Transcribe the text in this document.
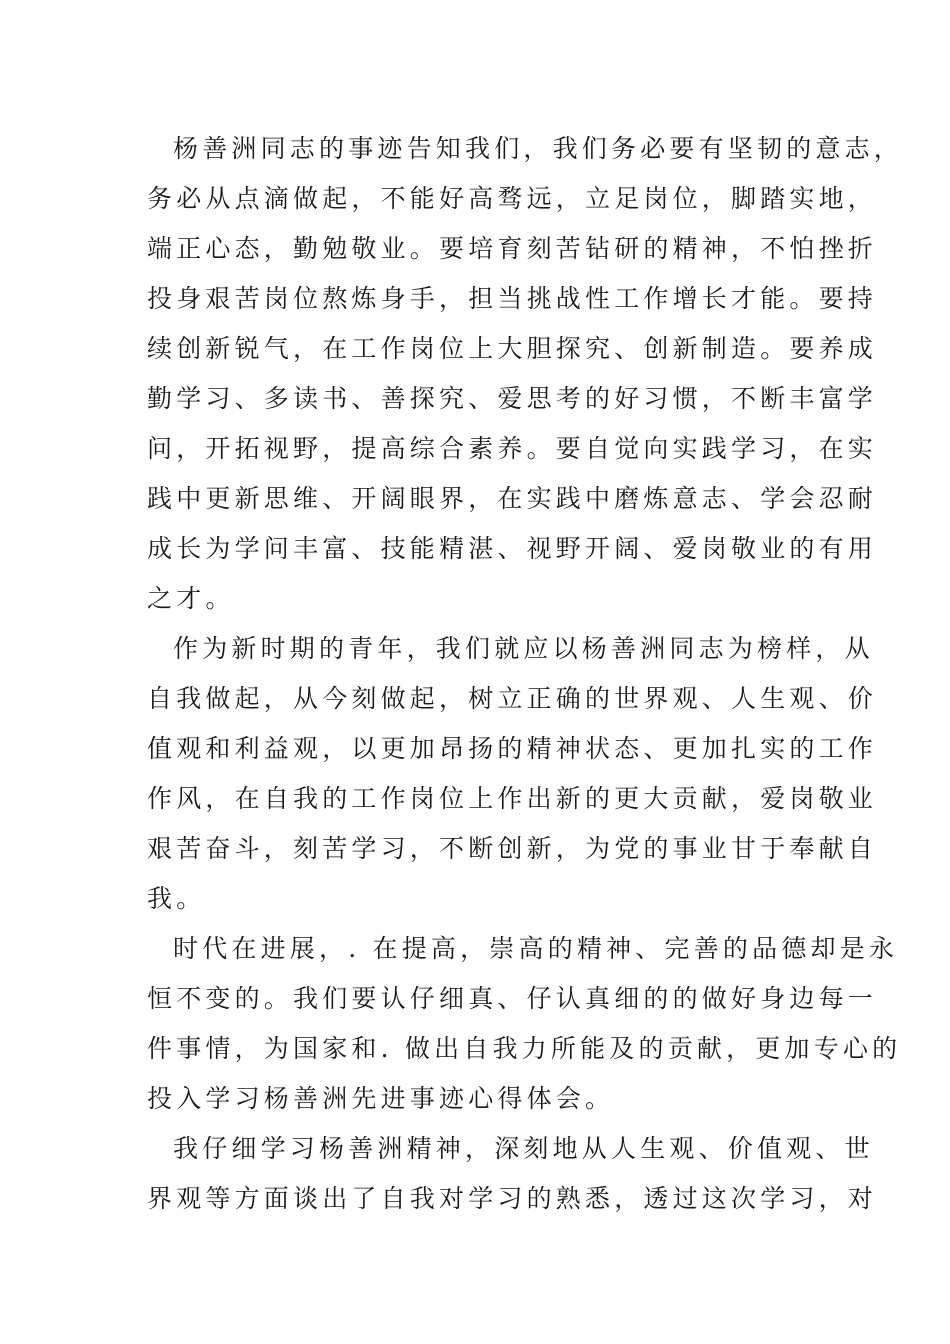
杨善洲同志的事迹告知我们，我们务必要有坚韧的意志，

务必从点滴做起，不能好高骛远，立足岗位，脚踏实地，

端正心态，勤勉敬业。要培育刻苦钻研的精神，不怕挫折

投身艰苦岗位熬炼身手，担当挑战性工作增长才能。要持

续创新锐气，在工作岗位上大胆探究、创新制造。要养成

勤学习、多读书、善探究、爱思考的好习惯，不断丰富学

问，开拓视野，提高综合素养。要自觉向实践学习，在实

践中更新思维、开阔眼界，在实践中磨炼意志、学会忍耐

成长为学问丰富、技能精湛、视野开阔、爱岗敬业的有用

之才。

作为新时期的青年，我们就应以杨善洲同志为榜样，从

自我做起，从今刻做起，树立正确的世界观、人生观、价

值观和利益观，以更加昂扬的精神状态、更加扎实的工作

作风，在自我的工作岗位上作出新的更大贡献，爱岗敬业

艰苦奋斗，刻苦学习，不断创新，为党的事业甘于奉献自

我。

时代在进展，. 在提高，崇高的精神、完善的品德却是永

恒不变的。我们要认仔细真、仔认真细的的做好身边每一

件事情，为国家和. 做出自我力所能及的贡献，更加专心的

投入学习杨善洲先进事迹心得体会。

我仔细学习杨善洲精神，深刻地从人生观、价值观、世

界观等方面谈出了自我对学习的熟悉，透过这次学习，对
